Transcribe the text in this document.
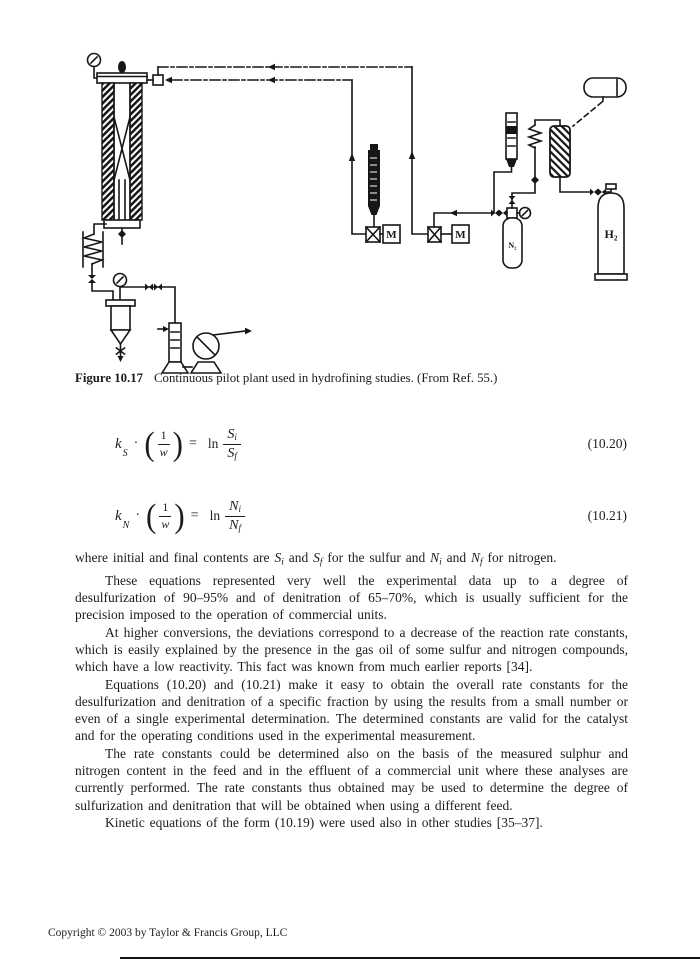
M	M
N₂
H₂
Figure 10.17 Continuous pilot plant used in hydrofining studies. (From Ref. 55.)
k
S
· ( $\frac{1}{w}$ ) = $\ln \frac{Si}{Sf}$	(10.20)
k
N
· ( $\frac{1}{w}$ ) = $\ln \frac{Ni}{Nf}$	(10.21)

where initial and final contents are Si and Sf for the sulfur and Ni and Nf for nitrogen.

These equations represented very well the experimental data up to a degree of desulfurization of 90–95% and of denitration of 65–70%, which is usually sufficient for the precision imposed to the operation of commercial units.

At higher conversions, the deviations correspond to a decrease of the reaction rate constants, which is easily explained by the presence in the gas oil of some sulfur and nitrogen compounds, which have a low reactivity. This fact was known from much earlier reports [34].

Equations (10.20) and (10.21) make it easy to obtain the overall rate constants for the desulfurization and denitration of a specific fraction by using the results from a small number or even of a single experimental determination. The determined constants are valid for the catalyst and for the operating conditions used in the experimental measurement.

The rate constants could be determined also on the basis of the measured sulphur and nitrogen content in the feed and in the effluent of a commercial unit where these analyses are currently performed. The rate constants thus obtained may be used to determine the degree of sulfurization and denitration that will be obtained when using a different feed.

Kinetic equations of the form (10.19) were used also in other studies [35–37].

Copyright © 2003 by Taylor & Francis Group, LLC
